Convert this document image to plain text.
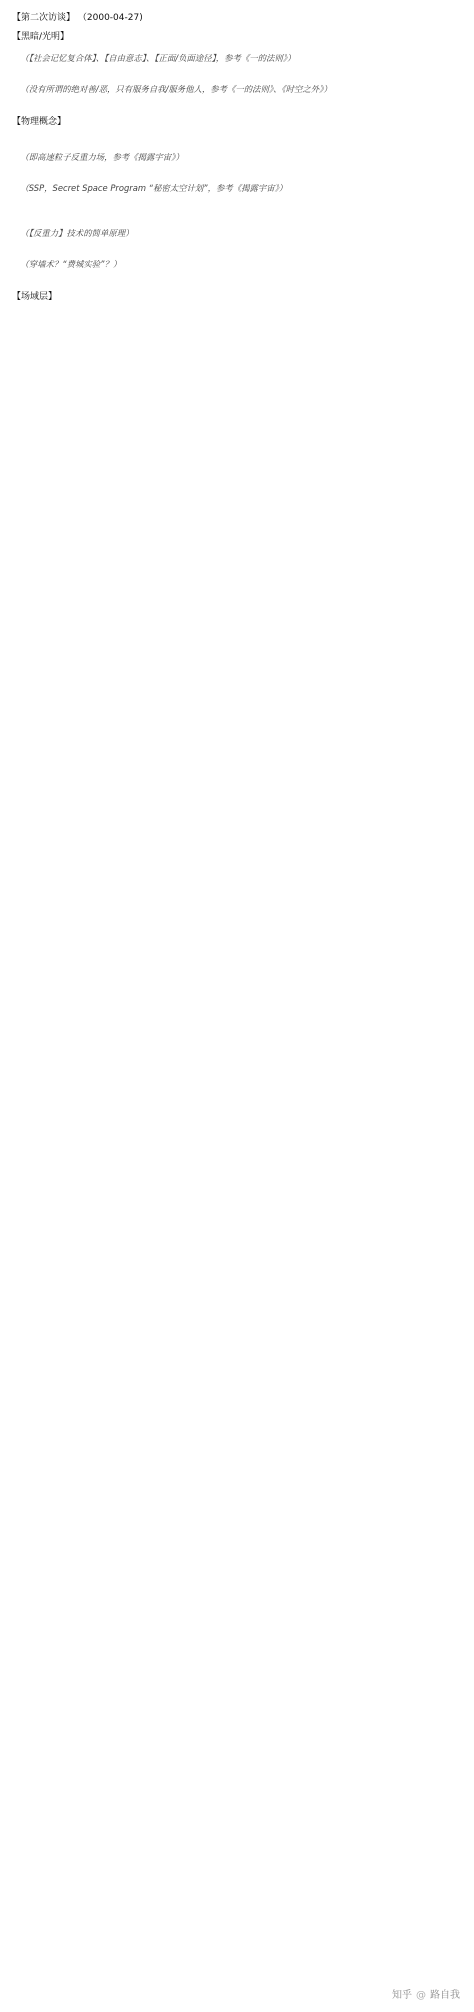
【第二次访谈】 （2000-04-27)

【黑暗/光明】

（【社会记忆复合体】、【自由意志】、【正面/负面途径】，参考《一的法则》）
（没有所谓的绝对善/恶，只有服务自我/服务他人，参考《一的法则》、《时空之外》）

【物理概念】

（即高速粒子反重力场，参考《揭露宇宙》）
（SSP，Secret Space Program “秘密太空计划”，参考《揭露宇宙》）
（【反重力】技术的简单原理）
（穿墙术？“费城实验”？）

【场域层】

知乎 @ 路自我
